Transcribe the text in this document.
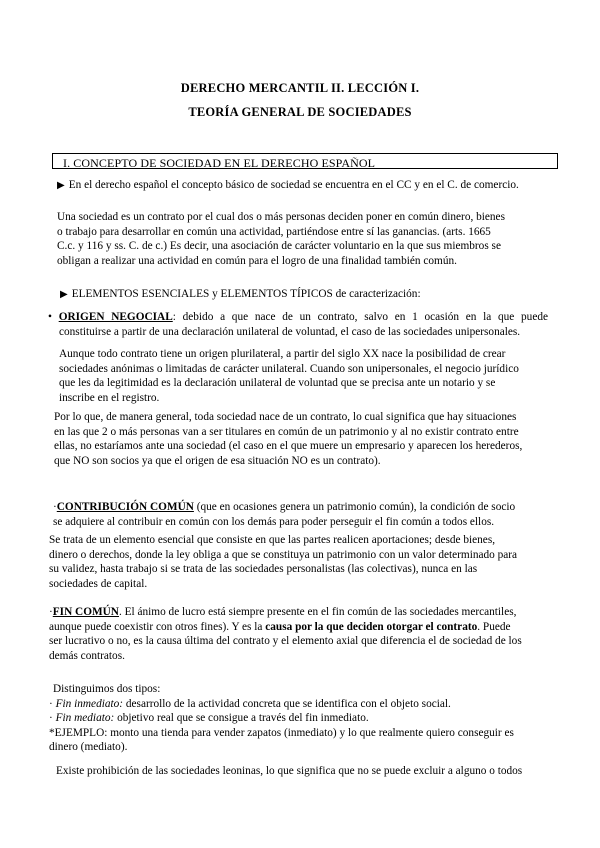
DERECHO MERCANTIL II. LECCIÓN I.
TEORÍA GENERAL DE SOCIEDADES
I. CONCEPTO DE SOCIEDAD EN EL DERECHO ESPAÑOL
▶ En el derecho español el concepto básico de sociedad se encuentra en el CC y en el C. de comercio.
Una sociedad es un contrato por el cual dos o más personas deciden poner en común dinero, bienes
o trabajo para desarrollar en común una actividad, partiéndose entre sí las ganancias. (arts. 1665
C.c. y 116 y ss. C. de c.) Es decir, una asociación de carácter voluntario en la que sus miembros se
obligan a realizar una actividad en común para el logro de una finalidad también común.
▶ ELEMENTOS ESENCIALES y ELEMENTOS TÍPICOS de caracterización:
• ORIGEN NEGOCIAL: debido a que nace de un contrato, salvo en 1 ocasión en la que puede
constituirse a partir de una declaración unilateral de voluntad, el caso de las sociedades unipersonales.
Aunque todo contrato tiene un origen plurilateral, a partir del siglo XX nace la posibilidad de crear
sociedades anónimas o limitadas de carácter unilateral. Cuando son unipersonales, el negocio jurídico
que les da legitimidad es la declaración unilateral de voluntad que se precisa ante un notario y se
inscribe en el registro.
Por lo que, de manera general, toda sociedad nace de un contrato, lo cual significa que hay situaciones
en las que 2 o más personas van a ser titulares en común de un patrimonio y al no existir contrato entre
ellas, no estaríamos ante una sociedad (el caso en el que muere un empresario y aparecen los herederos,
que NO son socios ya que el origen de esa situación NO es un contrato).
·CONTRIBUCIÓN COMÚN (que en ocasiones genera un patrimonio común), la condición de socio
se adquiere al contribuir en común con los demás para poder perseguir el fin común a todos ellos.
Se trata de un elemento esencial que consiste en que las partes realicen aportaciones; desde bienes,
dinero o derechos, donde la ley obliga a que se constituya un patrimonio con un valor determinado para
su validez, hasta trabajo si se trata de las sociedades personalistas (las colectivas), nunca en las
sociedades de capital.
·FIN COMÚN. El ánimo de lucro está siempre presente en el fin común de las sociedades mercantiles,
aunque puede coexistir con otros fines). Y es la causa por la que deciden otorgar el contrato. Puede
ser lucrativo o no, es la causa última del contrato y el elemento axial que diferencia el de sociedad de los
demás contratos.
Distinguimos dos tipos:
· Fin inmediato: desarrollo de la actividad concreta que se identifica con el objeto social.
· Fin mediato: objetivo real que se consigue a través del fin inmediato.
*EJEMPLO: monto una tienda para vender zapatos (inmediato) y lo que realmente quiero conseguir es
dinero (mediato).
Existe prohibición de las sociedades leoninas, lo que significa que no se puede excluir a alguno o todos
